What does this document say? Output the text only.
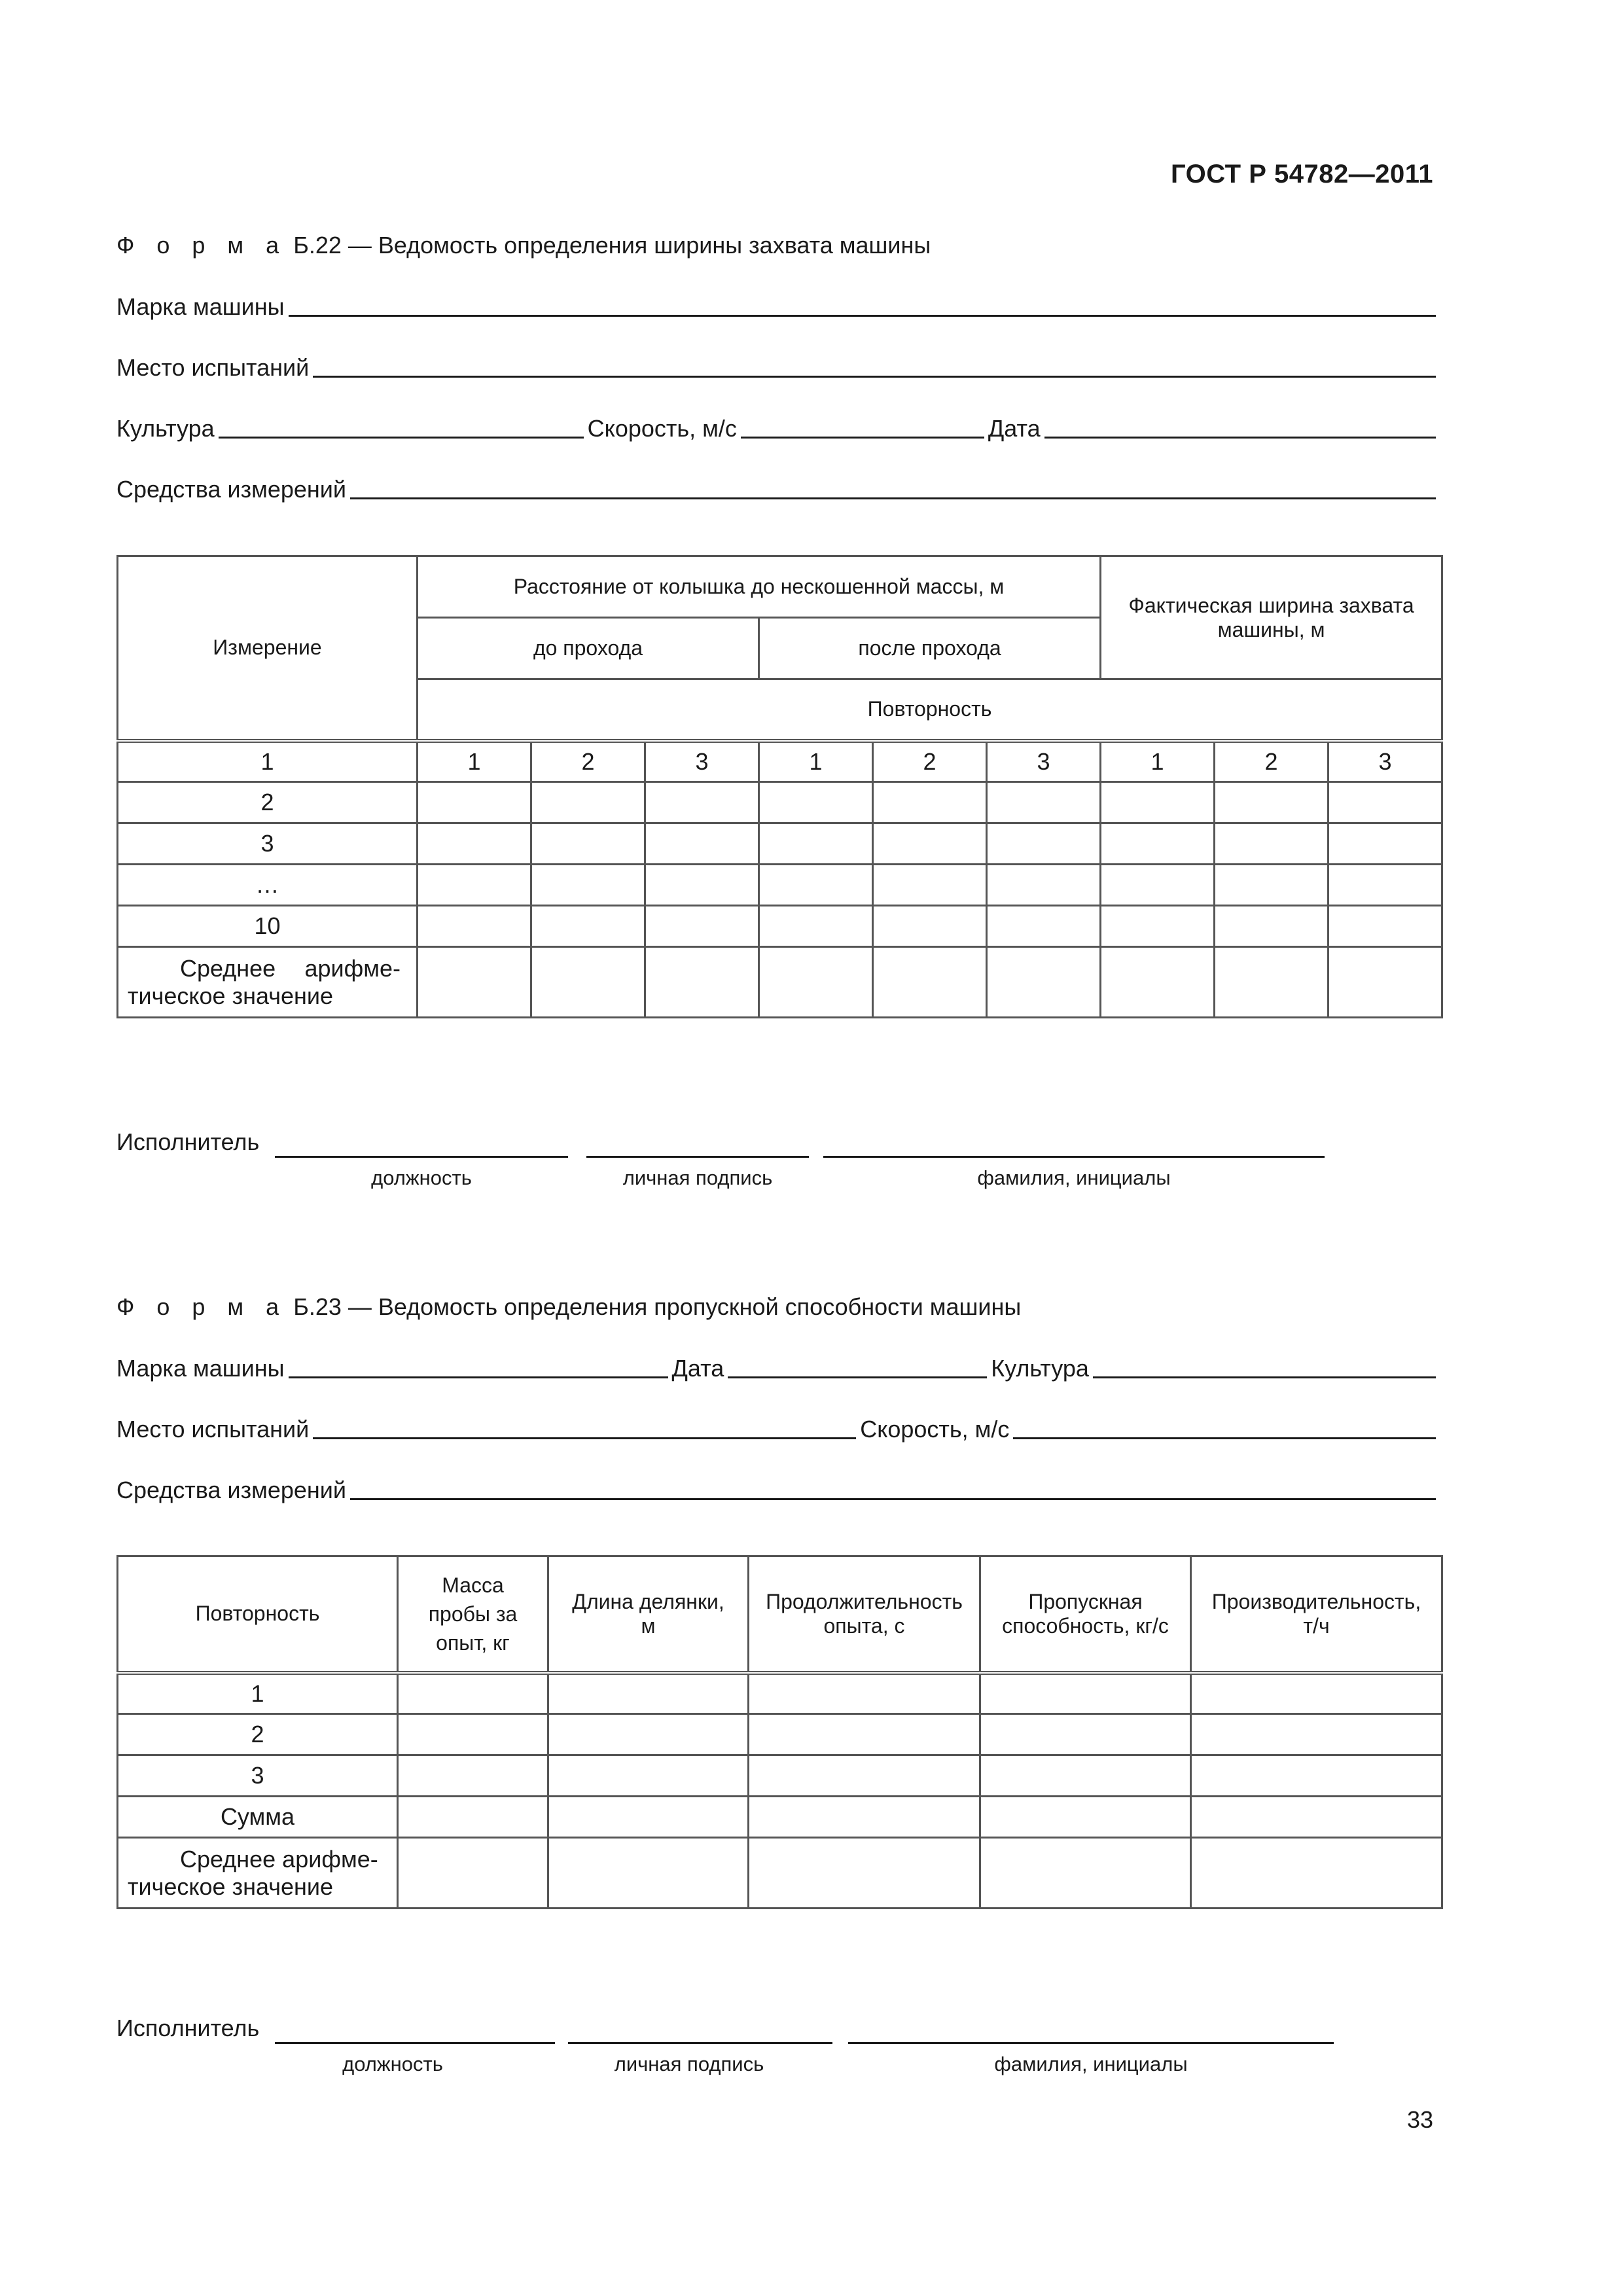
ГОСТ Р 54782—2011
Ф о р м а Б.22 — Ведомость определения ширины захвата машины
Марка машины
Место испытаний
Культура	Скорость, м/с	Дата
Средства измерений
Измерение	Расстояние от колышка до нескошенной массы, м						Фактическая ширина захвата машины, м		
	до прохода			после прохода					
	Повторность								
1	1	2	3	1	2	3	1	2	3
2									
3									
…									
10									

Среднее арифме-
тическое значение									
Исполнитель
должность	личная подпись	фамилия, инициалы
Ф о р м а Б.23 — Ведомость определения пропускной способности машины
Марка машины	Дата	Культура
Место испытаний	Скорость, м/с
Средства измерений
Повторность	Масса пробы за опыт, кг	Длина делянки, м	Продолжительность опыта, с	Пропускная способность, кг/с	Производительность, т/ч
1					
2					
3					
Сумма					

Среднее арифме-
тическое значение					
Исполнитель
должность	личная подпись	фамилия, инициалы
33
